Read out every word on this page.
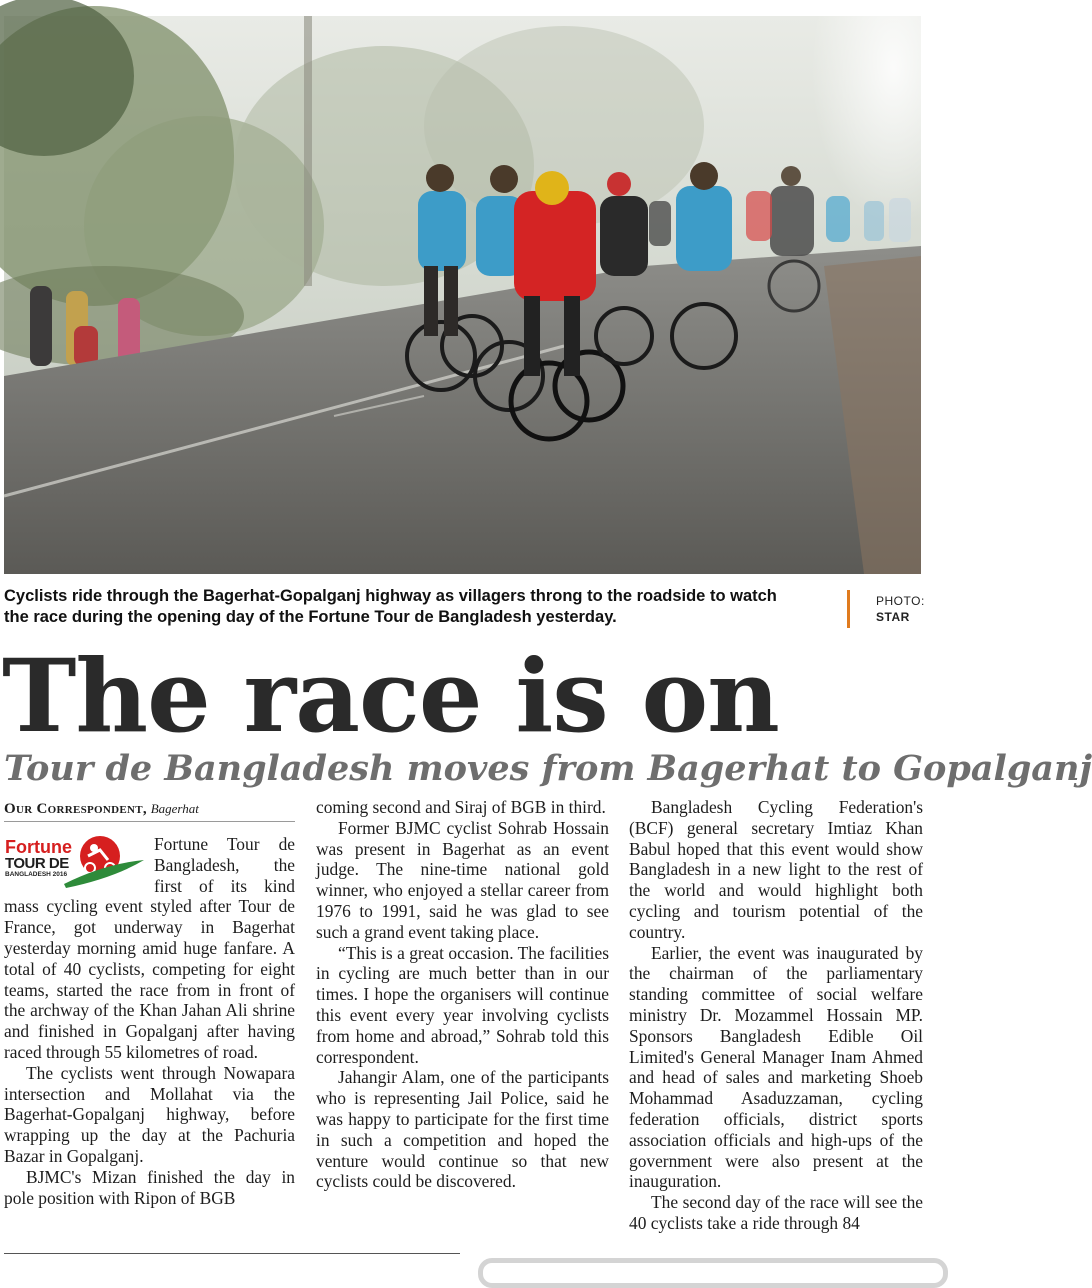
Cyclists ride through the Bagerhat-Gopalganj highway as villagers throng to the roadside to watch the race during the opening day of the Fortune Tour de Bangladesh yesterday.
PHOTO:
STAR
The race is on
Tour de Bangladesh moves from Bagerhat to Gopalganj
Our Correspondent, Bagerhat
Fortune
TOUR DE
BANGLADESH 2016

Fortune Tour de Bangladesh, the first of its kind mass cycling event styled after Tour de France, got underway in Bagerhat yesterday morning amid huge fanfare. A total of 40 cyclists, competing for eight teams, started the race from in front of the archway of the Khan Jahan Ali shrine and finished in Gopalganj after having raced through 55 kilometres of road.

The cyclists went through Nowapara intersection and Mollahat via the Bagerhat-Gopalganj highway, before wrapping up the day at the Pachuria Bazar in Gopalganj.

BJMC's Mizan finished the day in pole position with Ripon of BGB

coming second and Siraj of BGB in third.

Former BJMC cyclist Sohrab Hossain was present in Bagerhat as an event judge. The nine-time national gold winner, who enjoyed a stellar career from 1976 to 1991, said he was glad to see such a grand event taking place.

“This is a great occasion. The facilities in cycling are much better than in our times. I hope the organisers will continue this event every year involving cyclists from home and abroad,” Sohrab told this correspondent.

Jahangir Alam, one of the participants who is representing Jail Police, said he was happy to participate for the first time in such a competition and hoped the venture would continue so that new cyclists could be discovered.

Bangladesh Cycling Federation's (BCF) general secretary Imtiaz Khan Babul hoped that this event would show Bangladesh in a new light to the rest of the world and would highlight both cycling and tourism potential of the country.

Earlier, the event was inaugurated by the chairman of the parliamentary standing committee of social welfare ministry Dr. Mozammel Hossain MP. Sponsors Bangladesh Edible Oil Limited's General Manager Inam Ahmed and head of sales and marketing Shoeb Mohammad Asaduzzaman, cycling federation officials, district sports association officials and high-ups of the government were also present at the inauguration.

The second day of the race will see the 40 cyclists take a ride through 84
